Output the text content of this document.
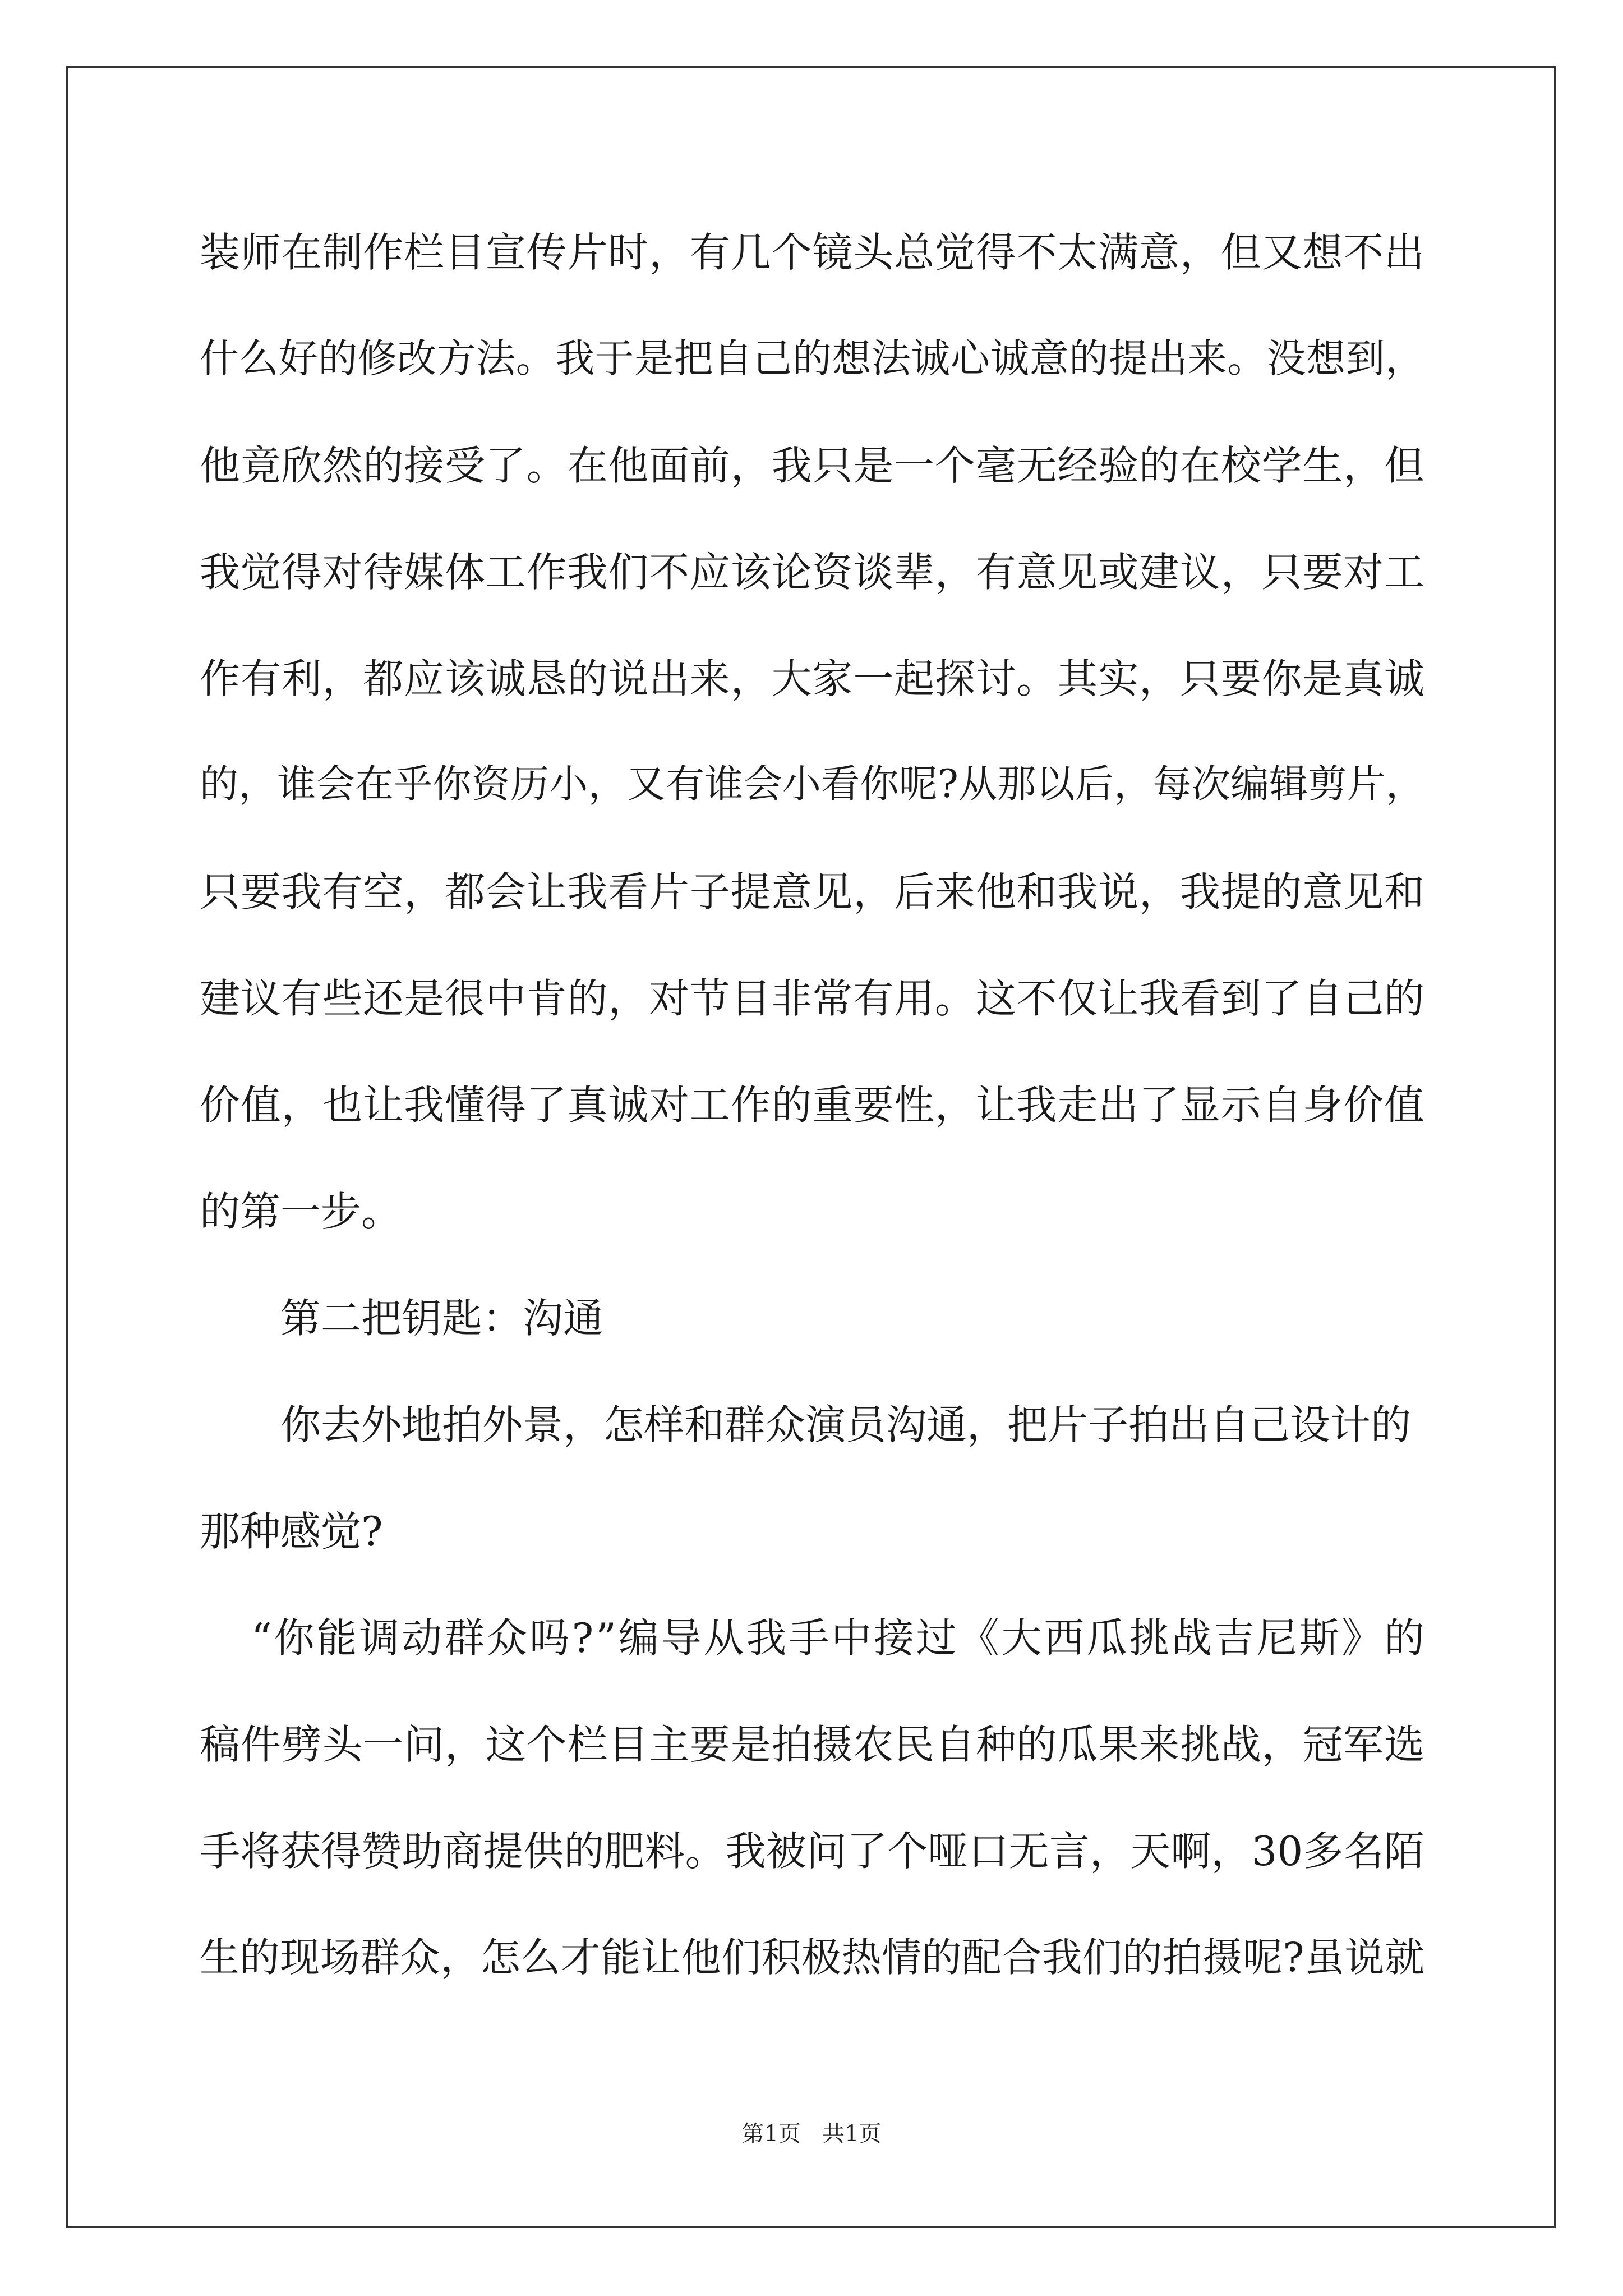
装师在制作栏目宣传片时，有几个镜头总觉得不太满意，但又想不出
什么好的修改方法。我于是把自己的想法诚心诚意的提出来。没想到，
他竟欣然的接受了。在他面前，我只是一个毫无经验的在校学生，但
我觉得对待媒体工作我们不应该论资谈辈，有意见或建议，只要对工
作有利，都应该诚恳的说出来，大家一起探讨。其实，只要你是真诚
的，谁会在乎你资历小，又有谁会小看你呢?从那以后，每次编辑剪片，
只要我有空，都会让我看片子提意见，后来他和我说，我提的意见和
建议有些还是很中肯的，对节目非常有用。这不仅让我看到了自己的
价值，也让我懂得了真诚对工作的重要性，让我走出了显示自身价值
的第一步。
第二把钥匙：沟通
你去外地拍外景，怎样和群众演员沟通，把片子拍出自己设计的
那种感觉?
“你能调动群众吗?”编导从我手中接过《大西瓜挑战吉尼斯》的
稿件劈头一问，这个栏目主要是拍摄农民自种的瓜果来挑战，冠军选
手将获得赞助商提供的肥料。我被问了个哑口无言，天啊，30多名陌
生的现场群众，怎么才能让他们积极热情的配合我们的拍摄呢?虽说就
第1页   共1页
